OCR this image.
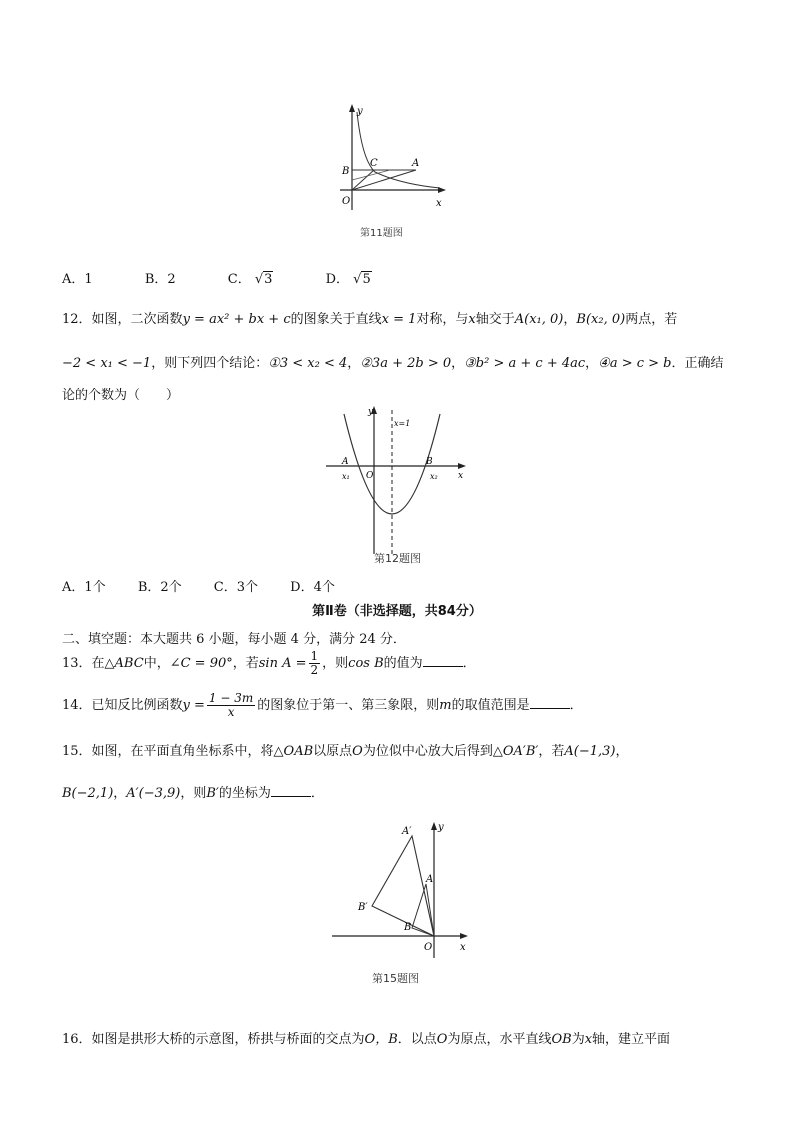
y
x
O
B
C	A
第11题图
A．1	B．2	C． √3	D． √5
12．如图，二次函数y = ax² + bx + c的图象关于直线x = 1对称，与x轴交于A(x₁, 0)，B(x₂, 0)两点，若
−2 < x₁ < −1，则下列四个结论：①3 < x₂ < 4，②3a + 2b > 0，③b² > a + c + 4ac，④a > c > b．正确结
论的个数为（　　）
y
x
O
A	B
x₁	x₂
x=1
第12题图
A．1个 B．2个 C．3个 D．4个
第Ⅱ卷（非选择题，共84分）
二、填空题：本大题共 6 小题，每小题 4 分，满分 24 分．
13．在△ABC中，∠C = 90°，若$\sin A = \frac{1}{2}$ ，则cos B的值为	．
14．已知反比例函数$y = \frac{1 - 3m}{x}$ 的图象位于第一、第三象限，则m的取值范围是	．
15．如图，在平面直角坐标系中，将△OAB以原点O为位似中心放大后得到△OA′B′，若A(−1,3)，
B(−2,1)，A′(−3,9)，则B′的坐标为	．
y
x
O
A′
B′
A
B
第15题图
16．如图是拱形大桥的示意图，桥拱与桥面的交点为O，B．以点O为原点，水平直线OB为x轴，建立平面
